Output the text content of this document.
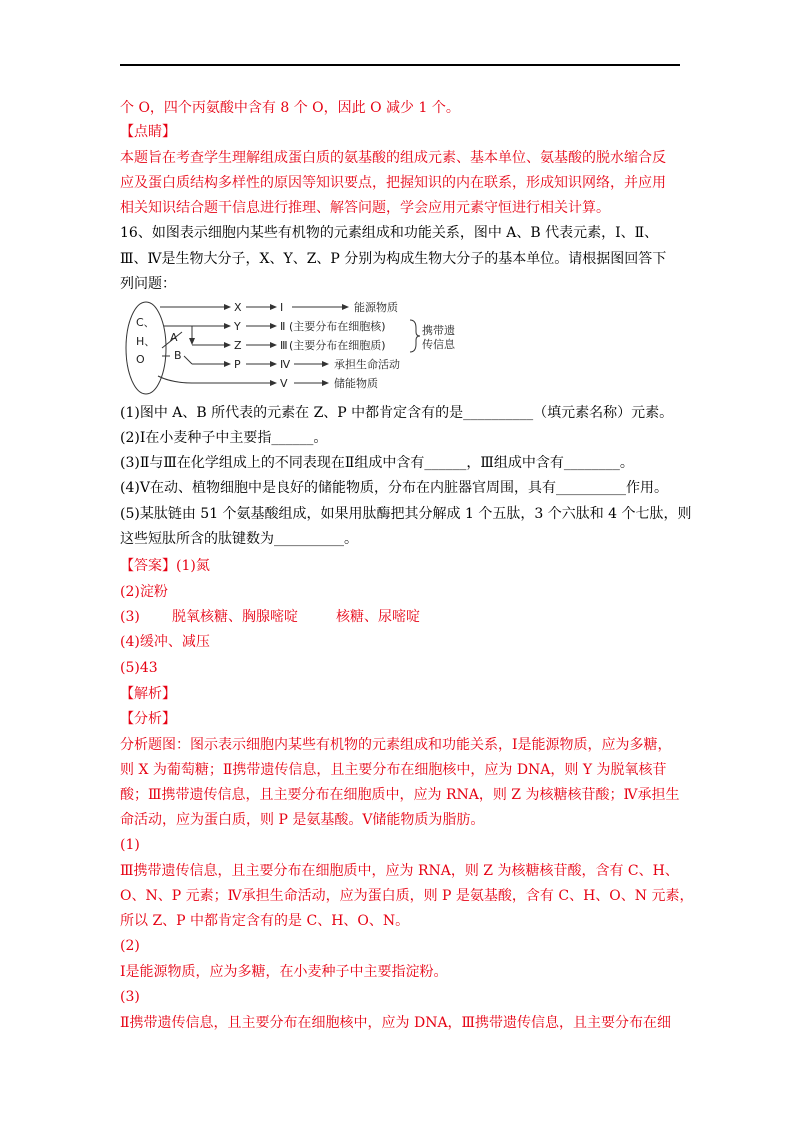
个 O，四个丙氨酸中含有 8 个 O，因此 O 减少 1 个。
【点睛】
本题旨在考查学生理解组成蛋白质的氨基酸的组成元素、基本单位、氨基酸的脱水缩合反
应及蛋白质结构多样性的原因等知识要点，把握知识的内在联系，形成知识网络，并应用
相关知识结合题干信息进行推理、解答问题，学会应用元素守恒进行相关计算。
16、如图表示细胞内某些有机物的元素组成和功能关系，图中 A、B 代表元素，Ⅰ、Ⅱ、
Ⅲ、Ⅳ是生物大分子，X、Y、Z、P 分别为构成生物大分子的基本单位。请根据图回答下
列问题：
C、
H、
O
X	Ⅰ	能源物质
Y	Ⅱ (主要分布在细胞核)
A
Z	Ⅲ (主要分布在细胞质)
携带遗
传信息
B
P	Ⅳ	承担生命活动
Ⅴ	储能物质
(1)图中 A、B 所代表的元素在 Z、P 中都肯定含有的是__________（填元素名称）元素。
(2)Ⅰ在小麦种子中主要指______。
(3)Ⅱ与Ⅲ在化学组成上的不同表现在Ⅱ组成中含有______，Ⅲ组成中含有________。
(4)Ⅴ在动、植物细胞中是良好的储能物质，分布在内脏器官周围，具有__________作用。
(5)某肽链由 51 个氨基酸组成，如果用肽酶把其分解成 1 个五肽，3 个六肽和 4 个七肽，则
这些短肽所含的肽键数为__________。
【答案】(1)氮
(2)淀粉
(3) 脱氧核糖、胸腺嘧啶	核糖、尿嘧啶
(4)缓冲、减压
(5)43
【解析】
【分析】
分析题图：图示表示细胞内某些有机物的元素组成和功能关系，Ⅰ是能源物质，应为多糖，
则 X 为葡萄糖；Ⅱ携带遗传信息，且主要分布在细胞核中，应为 DNA，则 Y 为脱氧核苷
酸；Ⅲ携带遗传信息，且主要分布在细胞质中，应为 RNA，则 Z 为核糖核苷酸；Ⅳ承担生
命活动，应为蛋白质，则 P 是氨基酸。Ⅴ储能物质为脂肪。
(1)
Ⅲ携带遗传信息，且主要分布在细胞质中，应为 RNA，则 Z 为核糖核苷酸，含有 C、H、
O、N、P 元素；Ⅳ承担生命活动，应为蛋白质，则 P 是氨基酸，含有 C、H、O、N 元素，
所以 Z、P 中都肯定含有的是 C、H、O、N。
(2)
Ⅰ是能源物质，应为多糖，在小麦种子中主要指淀粉。
(3)
Ⅱ携带遗传信息，且主要分布在细胞核中，应为 DNA，Ⅲ携带遗传信息，且主要分布在细
